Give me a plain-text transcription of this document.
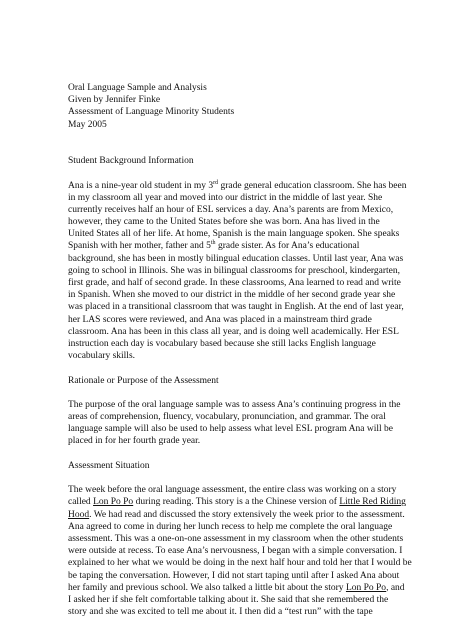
Oral Language Sample and Analysis
Given by Jennifer Finke
Assessment of Language Minority Students
May 2005
Student Background Information
Ana is a nine-year old student in my 3rd grade general education classroom. She has been
in my classroom all year and moved into our district in the middle of last year. She
currently receives half an hour of ESL services a day. Ana’s parents are from Mexico,
however, they came to the United States before she was born. Ana has lived in the
United States all of her life. At home, Spanish is the main language spoken. She speaks
Spanish with her mother, father and 5th grade sister. As for Ana’s educational
background, she has been in mostly bilingual education classes. Until last year, Ana was
going to school in Illinois. She was in bilingual classrooms for preschool, kindergarten,
first grade, and half of second grade. In these classrooms, Ana learned to read and write
in Spanish. When she moved to our district in the middle of her second grade year she
was placed in a transitional classroom that was taught in English. At the end of last year,
her LAS scores were reviewed, and Ana was placed in a mainstream third grade
classroom. Ana has been in this class all year, and is doing well academically. Her ESL
instruction each day is vocabulary based because she still lacks English language
vocabulary skills.
Rationale or Purpose of the Assessment
The purpose of the oral language sample was to assess Ana’s continuing progress in the
areas of comprehension, fluency, vocabulary, pronunciation, and grammar. The oral
language sample will also be used to help assess what level ESL program Ana will be
placed in for her fourth grade year.
Assessment Situation
The week before the oral language assessment, the entire class was working on a story
called Lon Po Po during reading. This story is a the Chinese version of Little Red Riding
Hood. We had read and discussed the story extensively the week prior to the assessment.
Ana agreed to come in during her lunch recess to help me complete the oral language
assessment. This was a one-on-one assessment in my classroom when the other students
were outside at recess. To ease Ana’s nervousness, I began with a simple conversation. I
explained to her what we would be doing in the next half hour and told her that I would be
be taping the conversation. However, I did not start taping until after I asked Ana about
her family and previous school. We also talked a little bit about the story Lon Po Po, and
I asked her if she felt comfortable talking about it. She said that she remembered the
story and she was excited to tell me about it. I then did a “test run” with the tape
